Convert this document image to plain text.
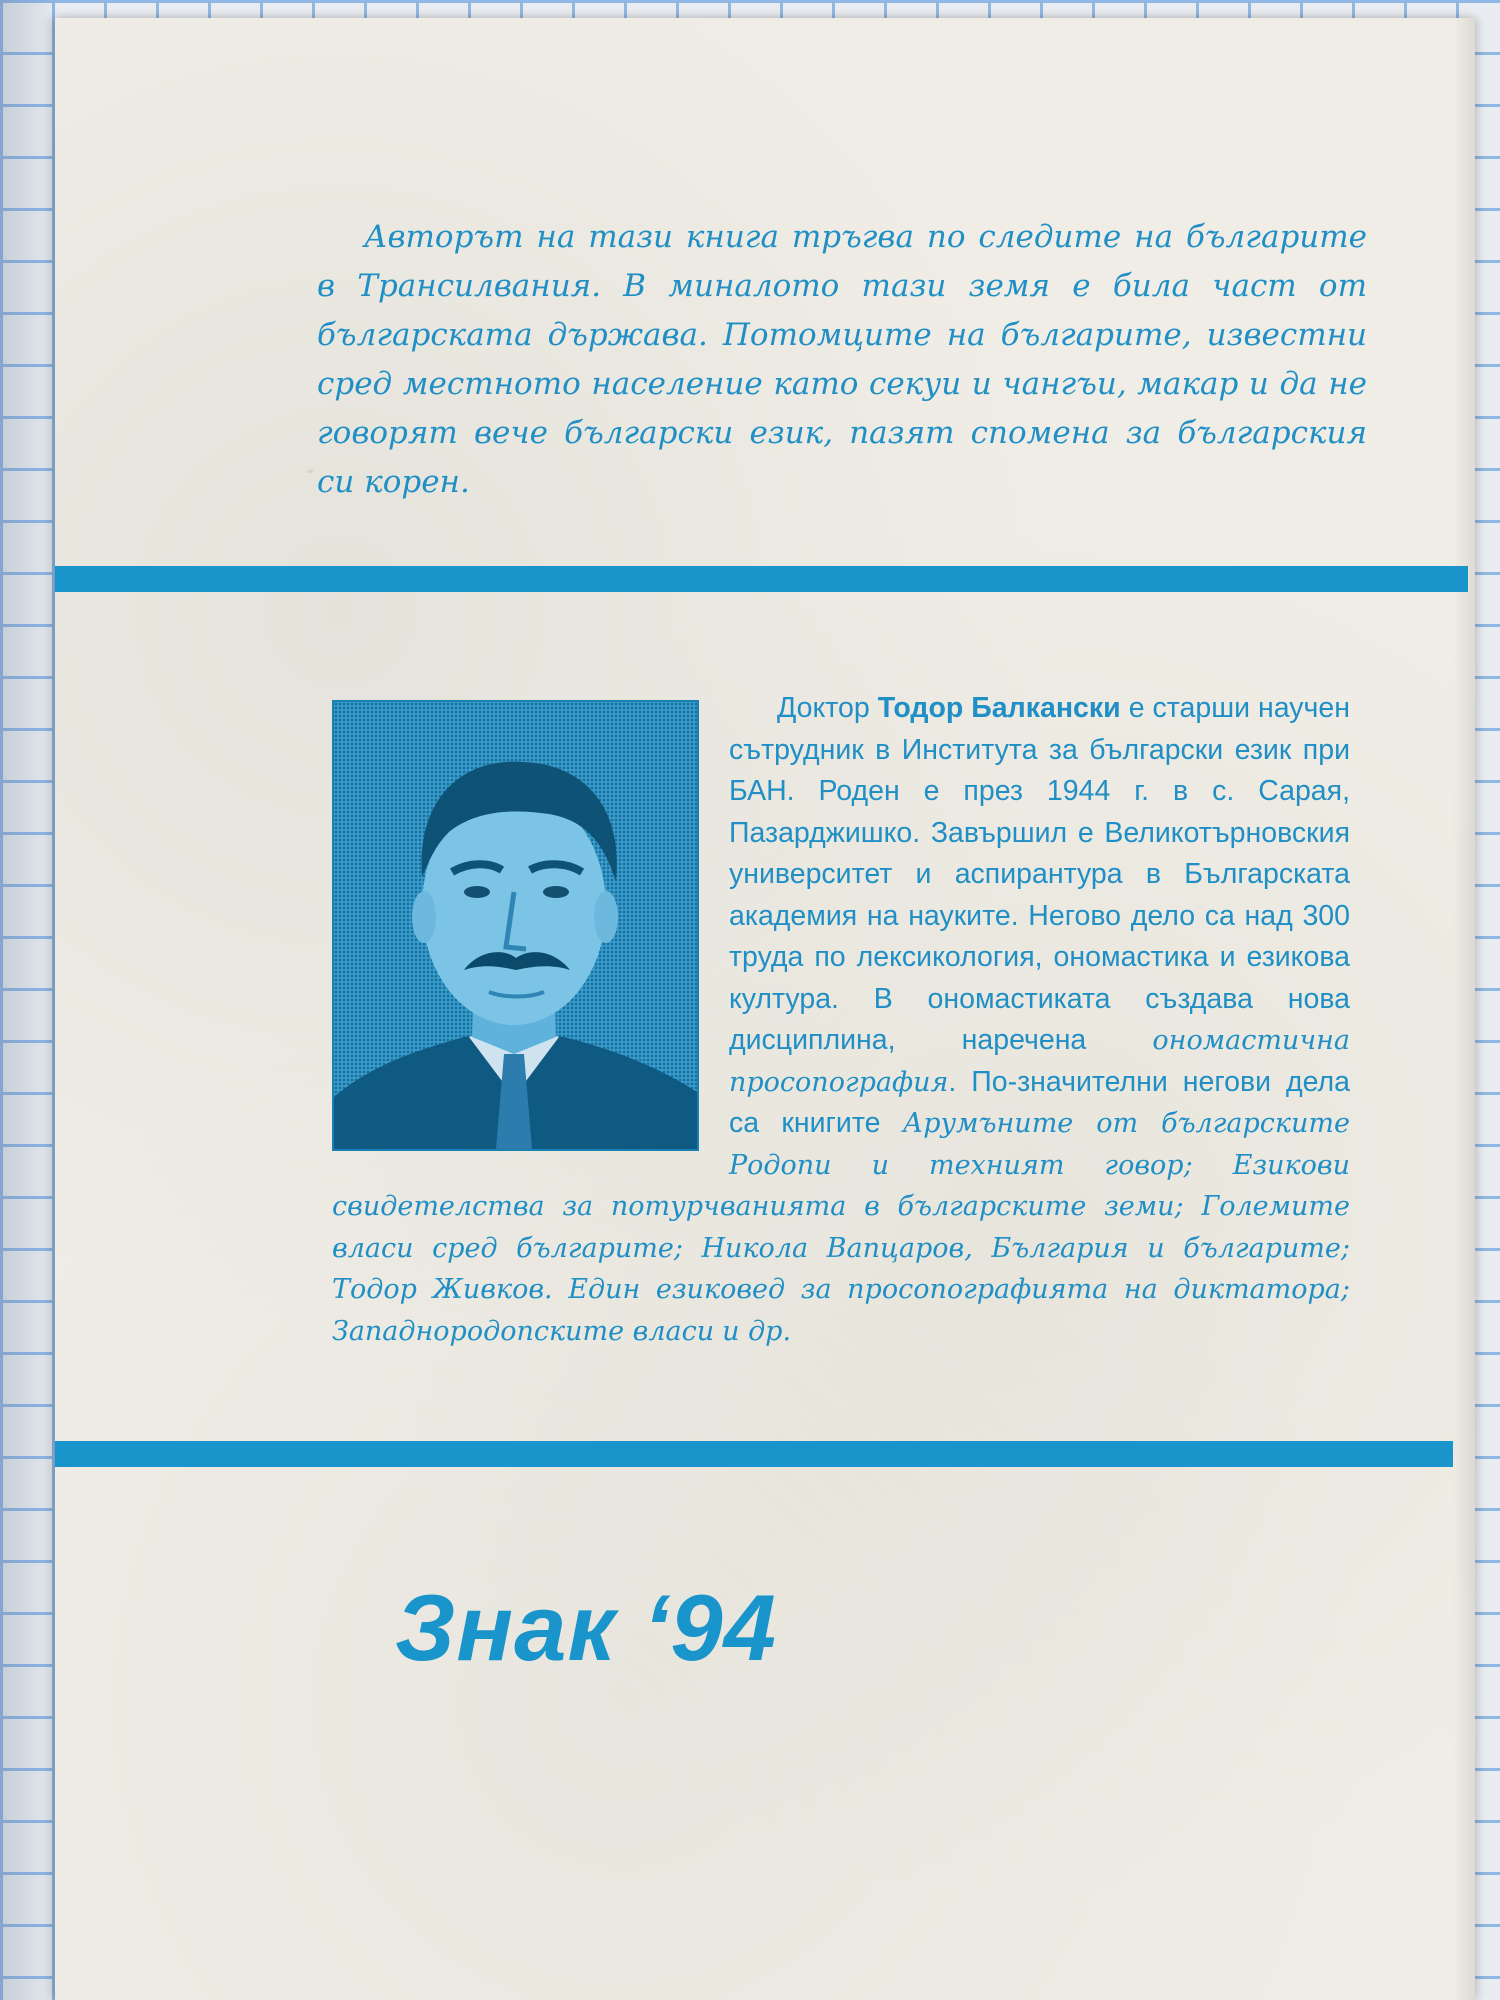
˝

Авторът на тази книга тръгва по следите на българите в Трансилвания. В миналото тази земя е била част от българската държава. Потомците на българите, известни сред местното население като секуи и чангъи, макар и да не говорят вече български език, пазят спомена за българския си корен.

Доктор Тодор Балкански е старши научен сътрудник в Института за български език при БАН. Роден е през 1944 г. в с. Сарая, Пазарджишко. Завършил е Великотърновския университет и аспирантура в Българската академия на науките. Негово дело са над 300 труда по лексикология, ономастика и езикова култура. В ономастиката създава нова дисциплина, наречена ономастична просопография. По-значителни негови дела са книгите Арумъните от българските Родопи и техният говор; Езикови свидетелства за потурчванията в българските земи; Големите власи сред българите; Никола Вапцаров, България и българите; Тодор Живков. Един езиковед за просопографията на диктатора; Западнородопските власи и др.

Знак ‘94
